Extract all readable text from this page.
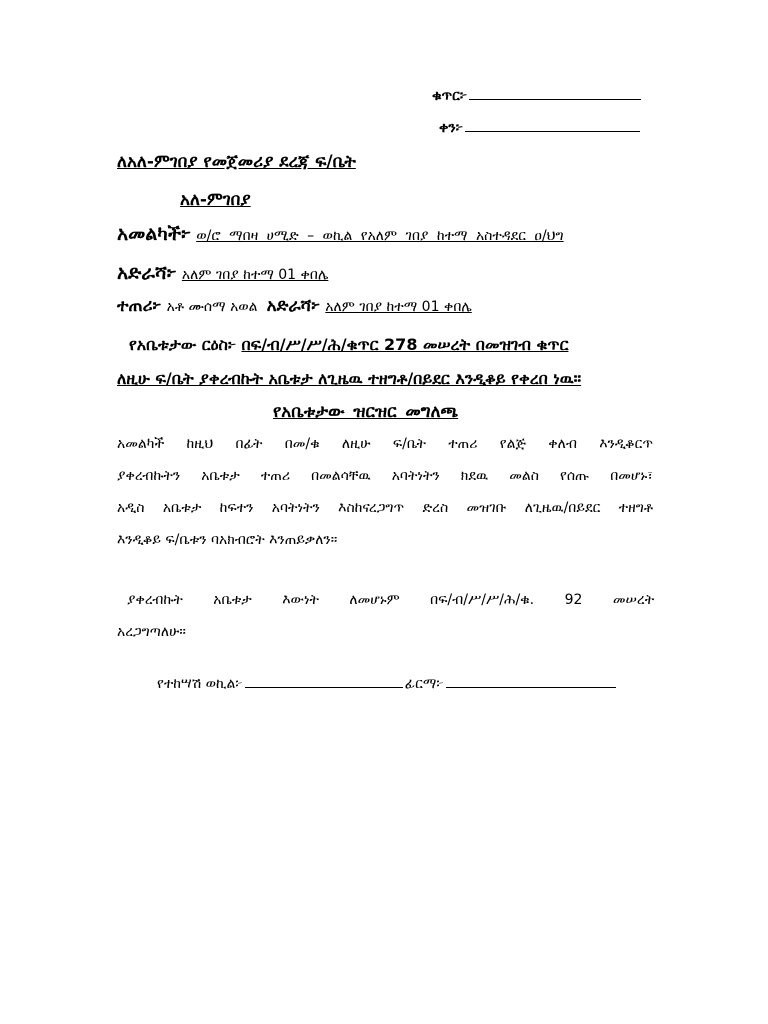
ቁጥር፦
ቀን፦
ለአለ-ምገበያ የመጀመሪያ ደረጃ ፍ/ቤት
አለ-ምገበያ
አመልካች፦ ወ/ሮ ማበዛ ሀሚድ – ወኪል የአለም ገበያ ከተማ አስተዳደር ዐ/ህግ
አድራሻ፦ አለም ገበያ ከተማ 01 ቀበሌ
ተጠሪ፦ አቶ ሙሰማ አወል አድራሻ፦ አለም ገበያ ከተማ 01 ቀበሌ
የአቤቱታው ርዕስ፦ በፍ/ብ/ሥ/ሥ/ሕ/ቁጥር 278 መሠረት በመዝገብ ቁጥር
ለዚሁ ፍ/ቤት ያቀረብኩት አቤቱታ ለጊዜዉ ተዘግቶ/በይደር እንዲቆይ የቀረበ ነዉ።
የአቤቱታው ዝርዝር መግለጫ
አመልካች ከዚህ በፊት በመ/ቁ ለዚሁ ፍ/ቤት ተጠሪ የልጅ ቀለብ እንዲቆርጥ
ያቀረብኩትን አቤቱታ ተጠሪ በመልሳቸዉ አባትነትን ክደዉ መልስ የሰጡ በመሆኑ፣
አዲስ አቤቱታ ከፍተን አባትነትን እስከናረጋግጥ ድረስ መዝገቡ ለጊዜዉ/በይደር ተዘግቶ
እንዲቆይ ፍ/ቤቱን ባአክብሮት እንጠይቃለን።
ያቀረብኩት አቤቱታ እውነት ለመሆኑም በፍ/ብ/ሥ/ሥ/ሕ/ቁ. 92 መሠረት
አረጋግጣለሁ።
የተከሣሽ ወኪል፦	ፊርማ፦
